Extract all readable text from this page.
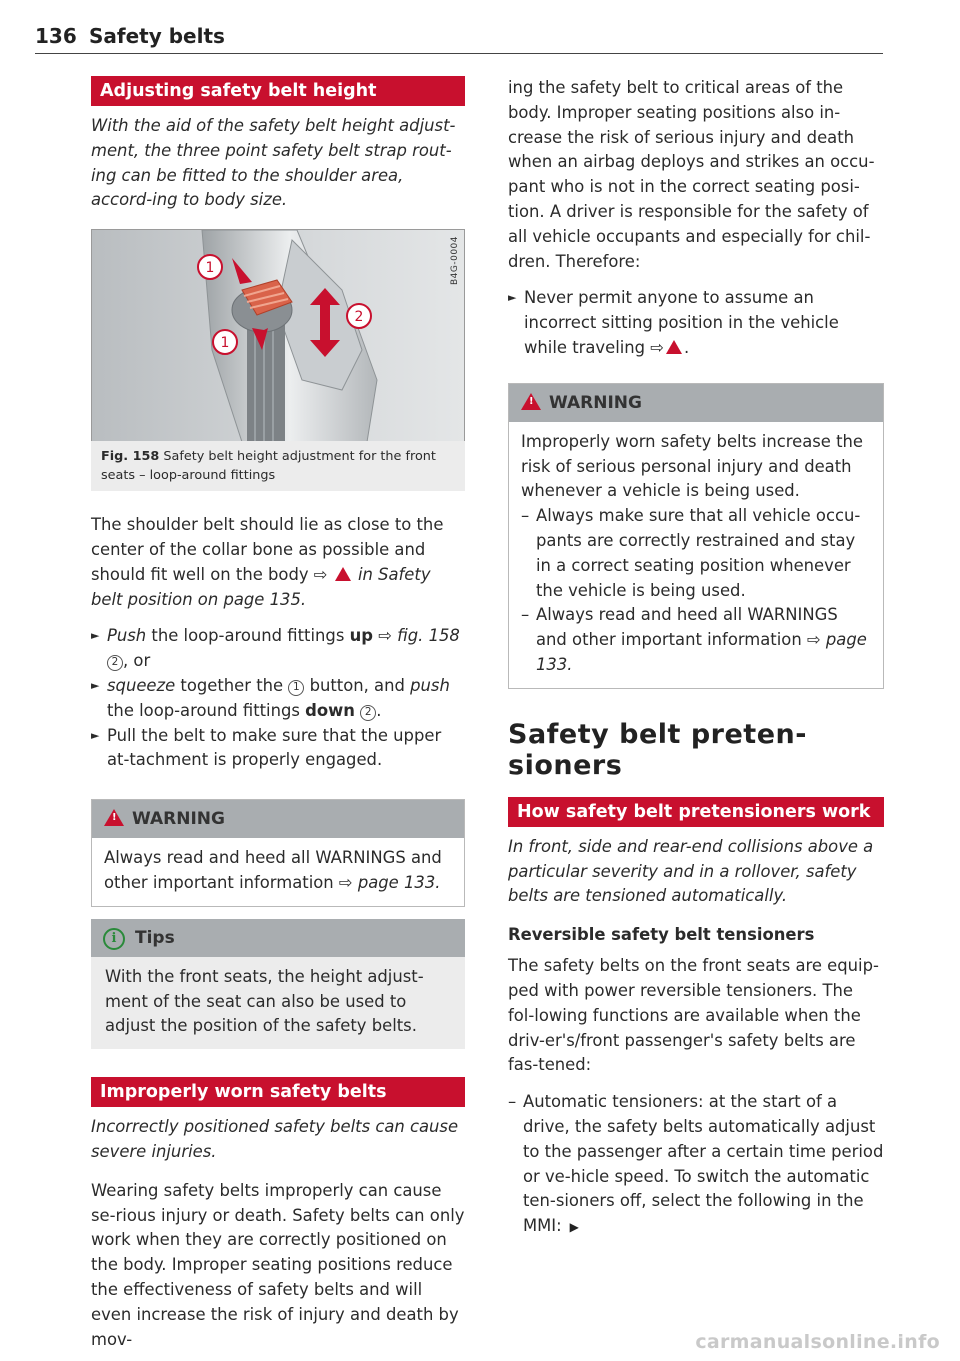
136 Safety belts
Adjusting safety belt height

With the aid of the safety belt height adjust-ment, the three point safety belt strap rout-ing can be fitted to the shoulder area, accord-ing to body size.

1
1
2
B4G-0004
Fig. 158 Safety belt height adjustment for the front seats – loop-around fittings

The shoulder belt should lie as close to the center of the collar bone as possible and should fit well on the body ⇨ in Safety belt position on page 135.

► Push the loop-around fittings up ⇨ fig. 158
2 , or
► squeeze together the 1 button, and push the loop-around fittings down 2 .
► Pull the belt to make sure that the upper at-tachment is properly engaged.
! WARNING

Always read and heed all WARNINGS and other important information ⇨ page 133.

i Tips

With the front seats, the height adjust-ment of the seat can also be used to adjust the position of the safety belts.

Improperly worn safety belts

Incorrectly positioned safety belts can cause severe injuries.

Wearing safety belts improperly can cause se-rious injury or death. Safety belts can only work when they are correctly positioned on the body. Improper seating positions reduce the effectiveness of safety belts and will even increase the risk of injury and death by mov-

ing the safety belt to critical areas of the body. Improper seating positions also in-crease the risk of serious injury and death when an airbag deploys and strikes an occu-pant who is not in the correct seating posi-tion. A driver is responsible for the safety of all vehicle occupants and especially for chil-dren. Therefore:

► Never permit anyone to assume an incorrect sitting position in the vehicle while traveling ⇨ .
! WARNING

Improperly worn safety belts increase the risk of serious personal injury and death whenever a vehicle is being used.

– Always make sure that all vehicle occu-pants are correctly restrained and stay in a correct seating position whenever the vehicle is being used.
– Always read and heed all WARNINGS and other important information ⇨ page 133.
Safety belt preten-sioners
How safety belt pretensioners work

In front, side and rear-end collisions above a particular severity and in a rollover, safety belts are tensioned automatically.

Reversible safety belt tensioners

The safety belts on the front seats are equip-ped with power reversible tensioners. The fol-lowing functions are available when the driv-er's/front passenger's safety belts are fas-tened:

– Automatic tensioners: at the start of a drive, the safety belts automatically adjust to the passenger after a certain time period or ve-hicle speed. To switch the automatic ten-sioners off, select the following in the MMI: ▶
carmanualsonline.info
